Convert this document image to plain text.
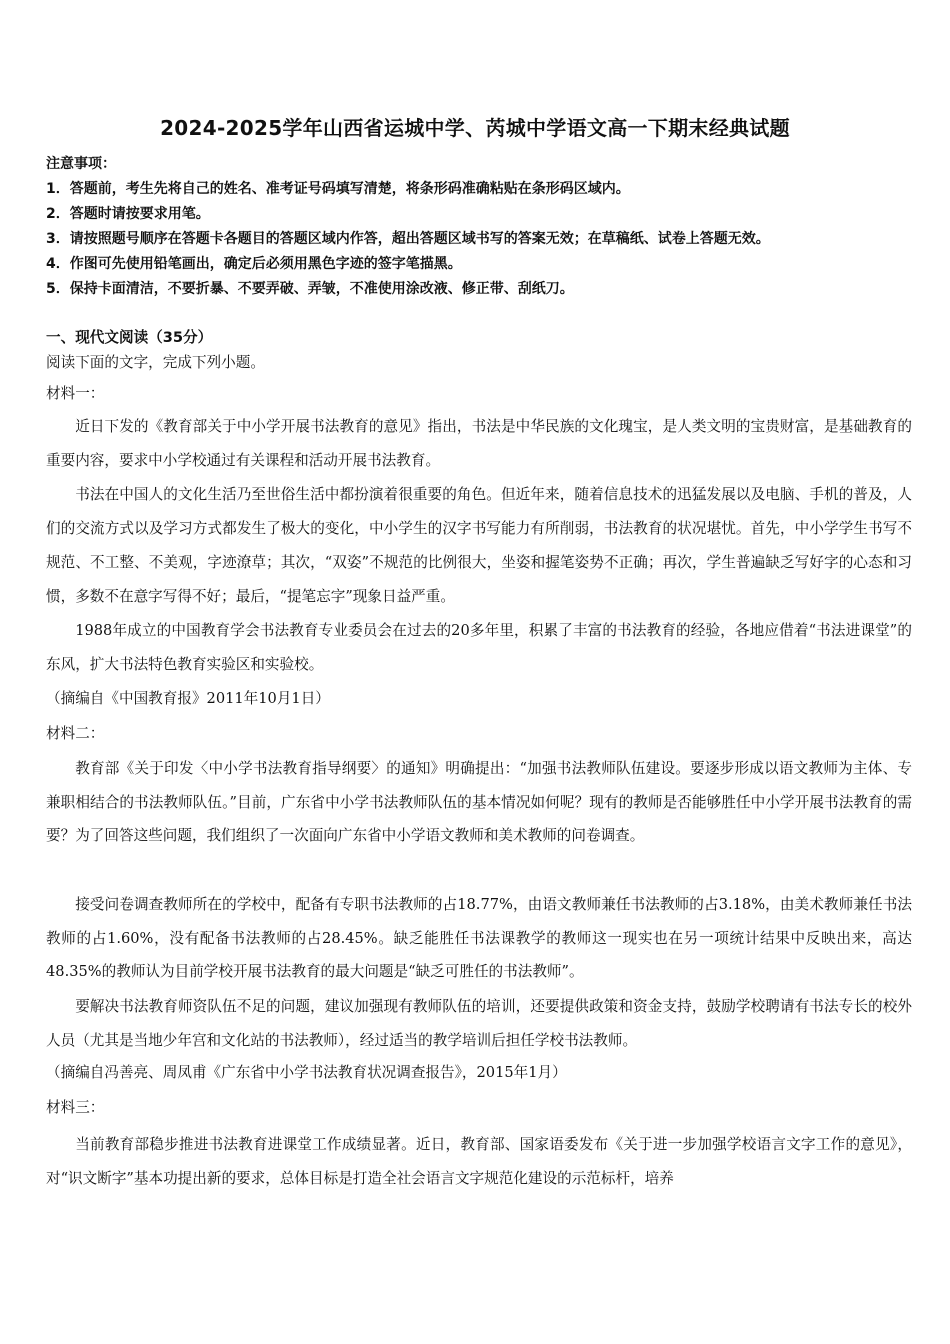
2024-2025学年山西省运城中学、芮城中学语文高一下期末经典试题
注意事项：
1．答题前，考生先将自己的姓名、准考证号码填写清楚，将条形码准确粘贴在条形码区域内。
2．答题时请按要求用笔。
3．请按照题号顺序在答题卡各题目的答题区域内作答，超出答题区域书写的答案无效；在草稿纸、试卷上答题无效。
4．作图可先使用铅笔画出，确定后必须用黑色字迹的签字笔描黑。
5．保持卡面清洁，不要折暴、不要弄破、弄皱，不准使用涂改液、修正带、刮纸刀。
一、现代文阅读（35分）
阅读下面的文字，完成下列小题。
材料一：
近日下发的《教育部关于中小学开展书法教育的意见》指出，书法是中华民族的文化瑰宝，是人类文明的宝贵财富，是基础教育的重要内容，要求中小学校通过有关课程和活动开展书法教育。
书法在中国人的文化生活乃至世俗生活中都扮演着很重要的角色。但近年来，随着信息技术的迅猛发展以及电脑、手机的普及，人们的交流方式以及学习方式都发生了极大的变化，中小学生的汉字书写能力有所削弱，书法教育的状况堪忧。首先，中小学学生书写不规范、不工整、不美观，字迹潦草；其次，“双姿”不规范的比例很大，坐姿和握笔姿势不正确；再次，学生普遍缺乏写好字的心态和习惯，多数不在意字写得不好；最后，“提笔忘字”现象日益严重。
1988年成立的中国教育学会书法教育专业委员会在过去的20多年里，积累了丰富的书法教育的经验，各地应借着“书法进课堂”的东风，扩大书法特色教育实验区和实验校。
（摘编自《中国教育报》2011年10月1日）
材料二：
教育部《关于印发〈中小学书法教育指导纲要〉的通知》明确提出：“加强书法教师队伍建设。要逐步形成以语文教师为主体、专兼职相结合的书法教师队伍。”目前，广东省中小学书法教师队伍的基本情况如何呢？现有的教师是否能够胜任中小学开展书法教育的需要？为了回答这些问题，我们组织了一次面向广东省中小学语文教师和美术教师的问卷调查。
接受问卷调查教师所在的学校中，配备有专职书法教师的占18.77%，由语文教师兼任书法教师的占3.18%，由美术教师兼任书法教师的占1.60%，没有配备书法教师的占28.45%。缺乏能胜任书法课教学的教师这一现实也在另一项统计结果中反映出来，高达48.35%的教师认为目前学校开展书法教育的最大问题是“缺乏可胜任的书法教师”。
要解决书法教育师资队伍不足的问题，建议加强现有教师队伍的培训，还要提供政策和资金支持，鼓励学校聘请有书法专长的校外人员（尤其是当地少年宫和文化站的书法教师），经过适当的教学培训后担任学校书法教师。
（摘编自冯善亮、周凤甫《广东省中小学书法教育状况调查报告》，2015年1月）
材料三：
当前教育部稳步推进书法教育进课堂工作成绩显著。近日，教育部、国家语委发布《关于进一步加强学校语言文字工作的意见》，对“识文断字”基本功提出新的要求，总体目标是打造全社会语言文字规范化建设的示范标杆，培养
